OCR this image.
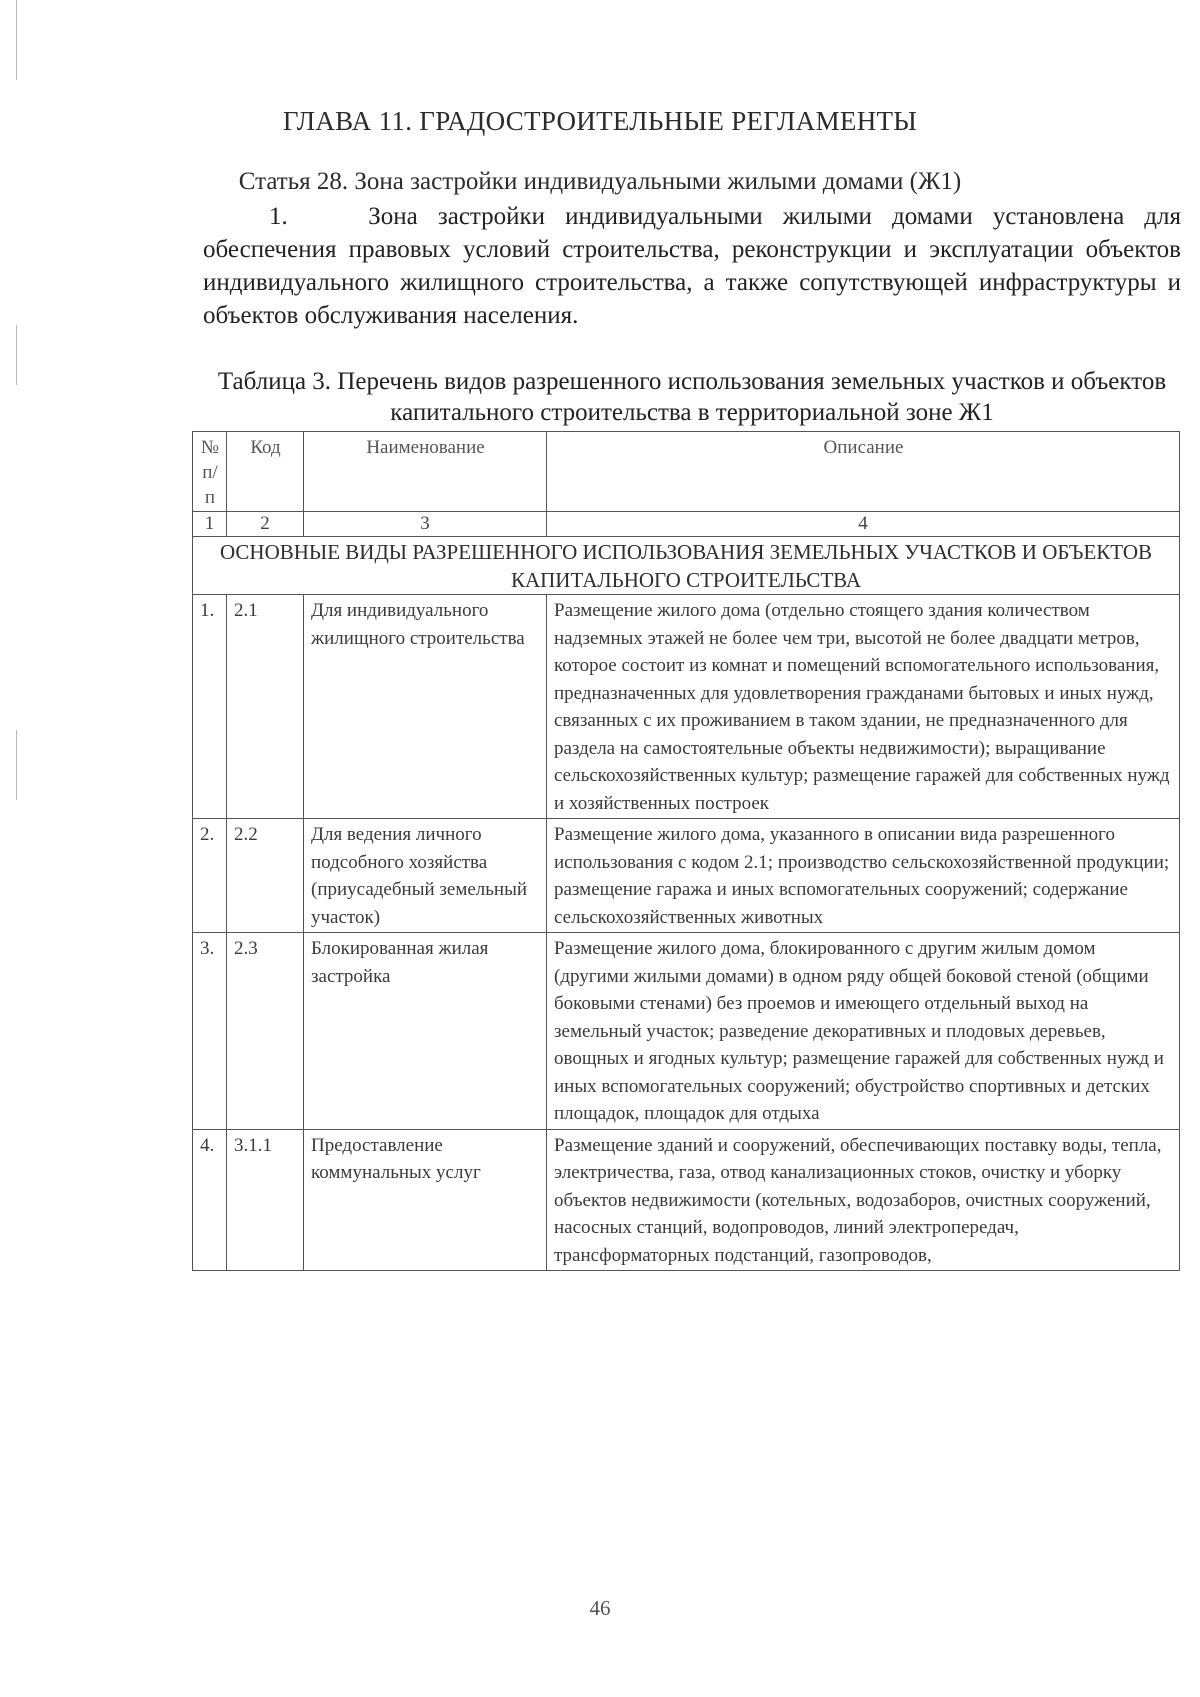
ГЛАВА 11. ГРАДОСТРОИТЕЛЬНЫЕ РЕГЛАМЕНТЫ
Статья 28. Зона застройки индивидуальными жилыми домами (Ж1)
1.    Зона застройки индивидуальными жилыми домами установлена для обеспечения правовых условий строительства, реконструкции и эксплуатации объектов индивидуального жилищного строительства, а также сопутствующей инфраструктуры и объектов обслуживания населения.
Таблица 3. Перечень видов разрешенного использования земельных участков и объектов капитального строительства в территориальной зоне Ж1
№ п/п	Код	Наименование	Описание
1	2	3	4
ОСНОВНЫЕ ВИДЫ РАЗРЕШЕННОГО ИСПОЛЬЗОВАНИЯ ЗЕМЕЛЬНЫХ УЧАСТКОВ И ОБЪЕКТОВ КАПИТАЛЬНОГО СТРОИТЕЛЬСТВА			
1.	2.1	Для индивидуального жилищного строительства	Размещение жилого дома (отдельно стоящего здания количеством надземных этажей не более чем три, высотой не более двадцати метров, которое состоит из комнат и помещений вспомогательного использования, предназначенных для удовлетворения гражданами бытовых и иных нужд, связанных с их проживанием в таком здании, не предназначенного для раздела на самостоятельные объекты недвижимости); выращивание сельскохозяйственных культур; размещение гаражей для собственных нужд и хозяйственных построек
2.	2.2	Для ведения личного подсобного хозяйства (приусадебный земельный участок)	Размещение жилого дома, указанного в описании вида разрешенного использования с кодом 2.1; производство сельскохозяйственной продукции; размещение гаража и иных вспомогательных сооружений; содержание сельскохозяйственных животных
3.	2.3	Блокированная жилая застройка	Размещение жилого дома, блокированного с другим жилым домом (другими жилыми домами) в одном ряду общей боковой стеной (общими боковыми стенами) без проемов и имеющего отдельный выход на земельный участок; разведение декоративных и плодовых деревьев, овощных и ягодных культур; размещение гаражей для собственных нужд и иных вспомогательных сооружений; обустройство спортивных и детских площадок, площадок для отдыха
4.	3.1.1	Предоставление коммунальных услуг	Размещение зданий и сооружений, обеспечивающих поставку воды, тепла, электричества, газа, отвод канализационных стоков, очистку и уборку объектов недвижимости (котельных, водозаборов, очистных сооружений, насосных станций, водопроводов, линий электропередач, трансформаторных подстанций, газопроводов,
46
